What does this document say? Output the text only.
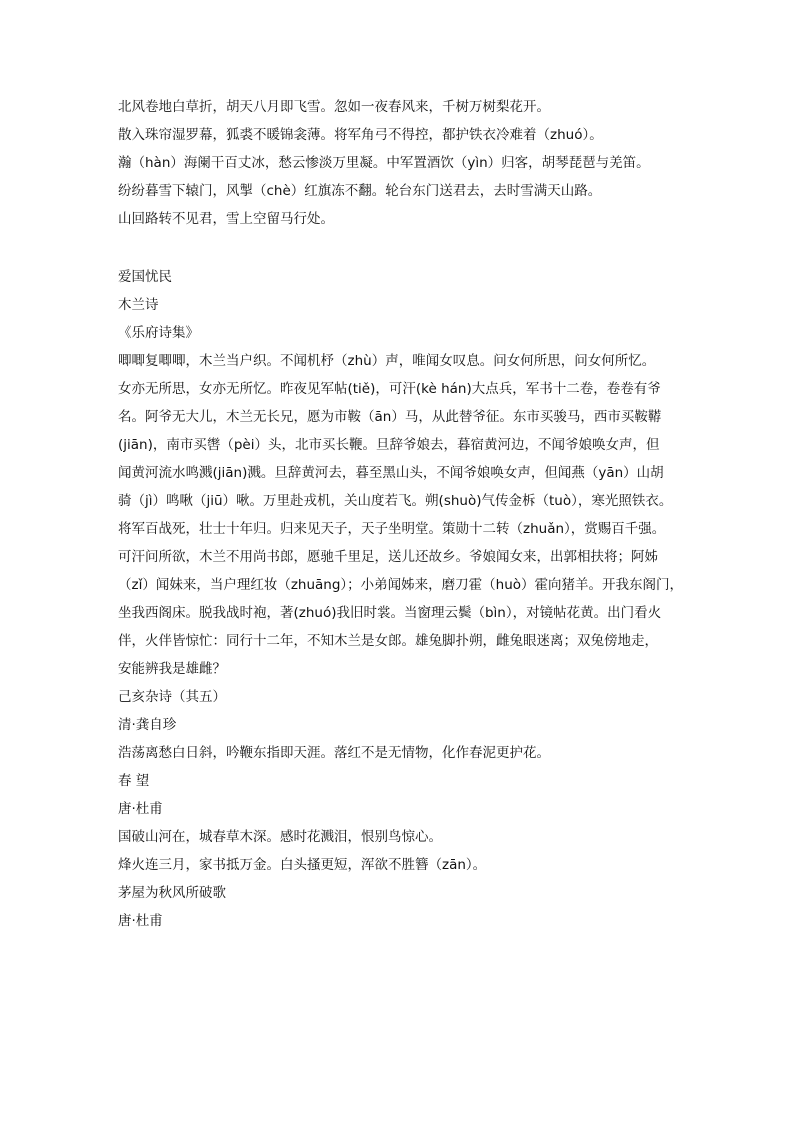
北风卷地白草折，胡天八月即飞雪。忽如一夜春风来，千树万树梨花开。

散入珠帘湿罗幕，狐裘不暖锦衾薄。将军角弓不得控，都护铁衣冷难着（zhuó）。

瀚（hàn）海阑干百丈冰，愁云惨淡万里凝。中军置酒饮（yìn）归客，胡琴琵琶与羌笛。

纷纷暮雪下辕门，风掣（chè）红旗冻不翻。轮台东门送君去，去时雪满天山路。

山回路转不见君，雪上空留马行处。

爱国忧民

木兰诗

《乐府诗集》

唧唧复唧唧，木兰当户织。不闻机杼（zhù）声，唯闻女叹息。问女何所思，问女何所忆。
女亦无所思，女亦无所忆。昨夜见军帖(tiě)，可汗(kè hán)大点兵，军书十二卷，卷卷有爷
名。阿爷无大儿，木兰无长兄，愿为市鞍（ān）马，从此替爷征。东市买骏马，西市买鞍鞯
(jiān)，南市买辔（pèi）头，北市买长鞭。旦辞爷娘去，暮宿黄河边，不闻爷娘唤女声，但
闻黄河流水鸣溅(jiān)溅。旦辞黄河去，暮至黑山头，不闻爷娘唤女声，但闻燕（yān）山胡
骑（jì）鸣啾（jiū）啾。万里赴戎机，关山度若飞。朔(shuò)气传金柝（tuò），寒光照铁衣。
将军百战死，壮士十年归。归来见天子，天子坐明堂。策勋十二转（zhuǎn），赏赐百千强。
可汗问所欲，木兰不用尚书郎，愿驰千里足，送儿还故乡。爷娘闻女来，出郭相扶将；阿姊
（zǐ）闻妹来，当户理红妆（zhuāng）；小弟闻姊来，磨刀霍（huò）霍向猪羊。开我东阁门，
坐我西阁床。脱我战时袍，著(zhuó)我旧时裳。当窗理云鬓（bìn），对镜帖花黄。出门看火
伴，火伴皆惊忙：同行十二年，不知木兰是女郎。雄兔脚扑朔，雌兔眼迷离；双兔傍地走，
安能辨我是雄雌？

己亥杂诗（其五）

清·龚自珍

浩荡离愁白日斜，吟鞭东指即天涯。落红不是无情物，化作春泥更护花。

春 望

唐·杜甫

国破山河在，城春草木深。感时花溅泪，恨别鸟惊心。

烽火连三月，家书抵万金。白头搔更短，浑欲不胜簪（zān）。

茅屋为秋风所破歌

唐·杜甫
